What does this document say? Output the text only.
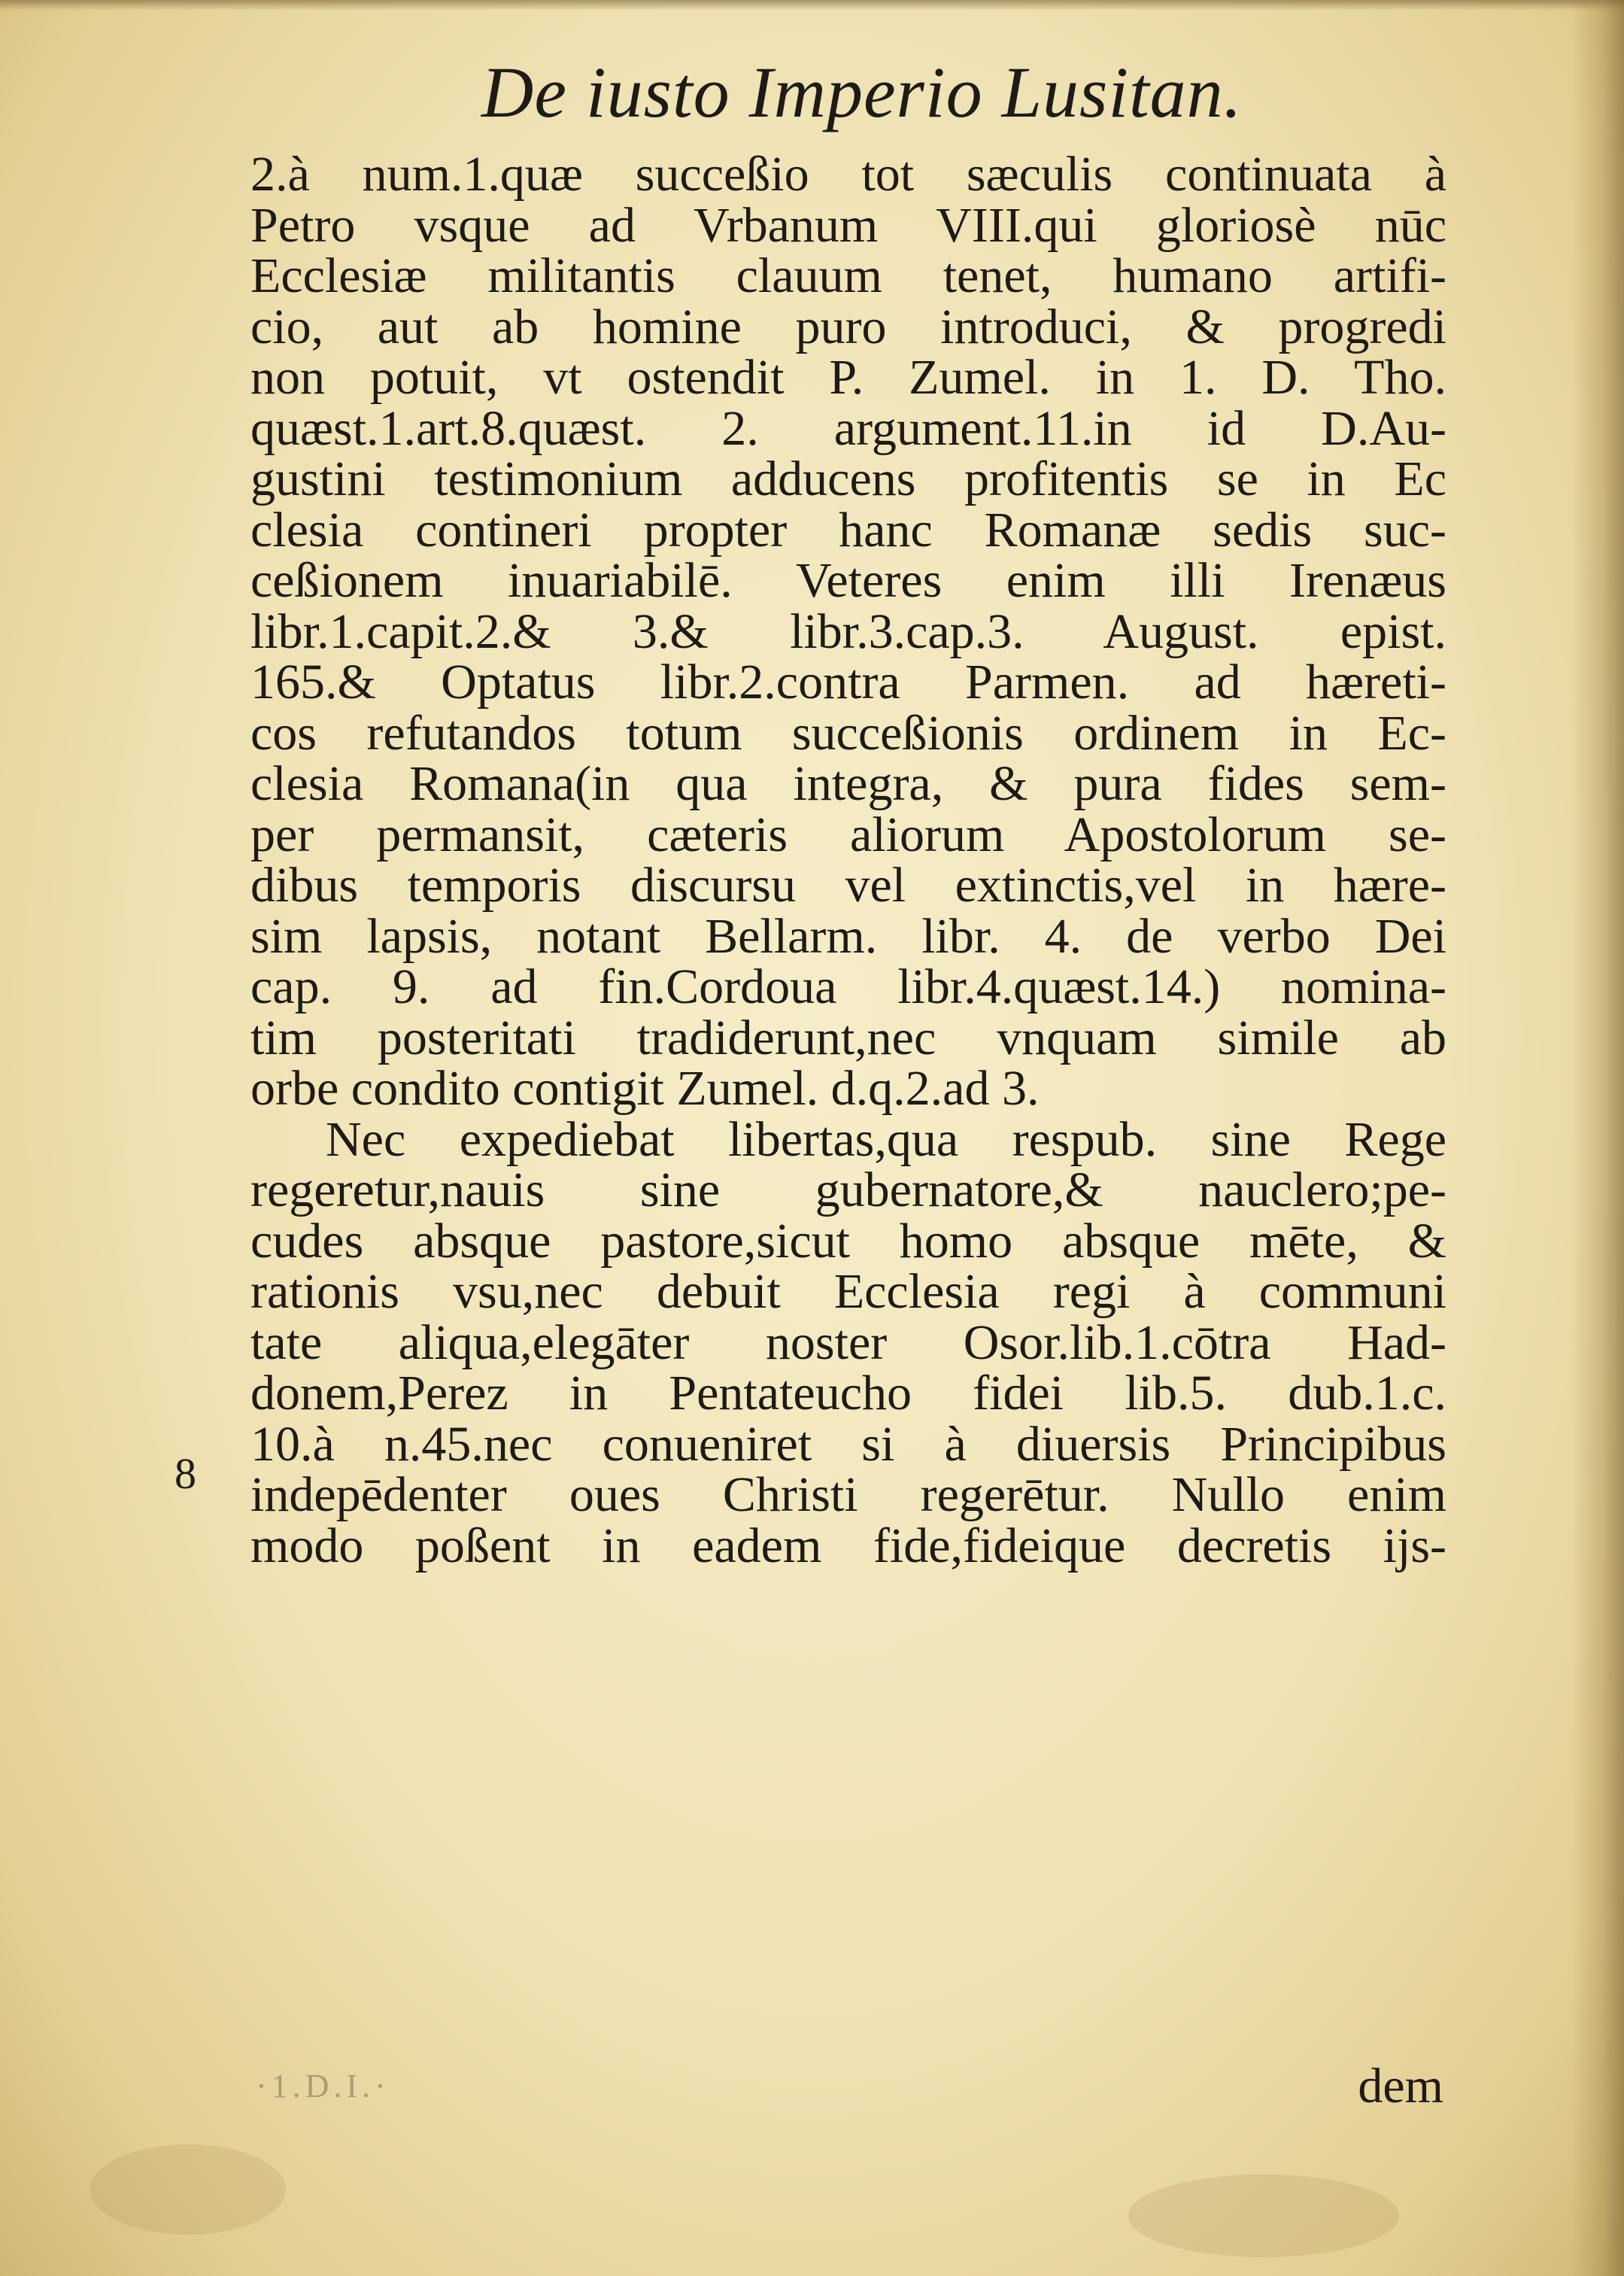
De iusto Imperio Lusitan.
8
2.à num.1.quæ succeßio tot sæculis continuata à
Petro vsque ad Vrbanum VIII.qui gloriosè nūc
Ecclesiæ militantis clauum tenet, humano artifi-
cio, aut ab homine puro introduci, & progredi
non potuit, vt ostendit P. Zumel. in 1. D. Tho.
quæst.1.art.8.quæst. 2. argument.11.in id D.Au-
gustini testimonium adducens profitentis se in Ec
clesia contineri propter hanc Romanæ sedis suc-
ceßionem inuariabilē. Veteres enim illi Irenæus
libr.1.capit.2.& 3.& libr.3.cap.3. August. epist.
165.& Optatus libr.2.contra Parmen. ad hæreti-
cos refutandos totum succeßionis ordinem in Ec-
clesia Romana(in qua integra, & pura fides sem-
per permansit, cæteris aliorum Apostolorum se-
dibus temporis discursu vel extinctis,vel in hære-
sim lapsis, notant Bellarm. libr. 4. de verbo Dei
cap. 9. ad fin.Cordoua libr.4.quæst.14.) nomina-
tim posteritati tradiderunt,nec vnquam simile ab
orbe condito contigit Zumel. d.q.2.ad 3.
Nec expediebat libertas,qua respub. sine Rege
regeretur,nauis sine gubernatore,& nauclero;pe-
cudes absque pastore,sicut homo absque mēte, &
rationis vsu,nec debuit Ecclesia regi à communi
tate aliqua,elegāter noster Osor.lib.1.cōtra Had-
donem,Perez in Pentateucho fidei lib.5. dub.1.c.
10.à n.45.nec conueniret si à diuersis Principibus
indepēdenter oues Christi regerētur. Nullo enim
modo poßent in eadem fide,fideique decretis ijs-
·1.D.I.·	dem
